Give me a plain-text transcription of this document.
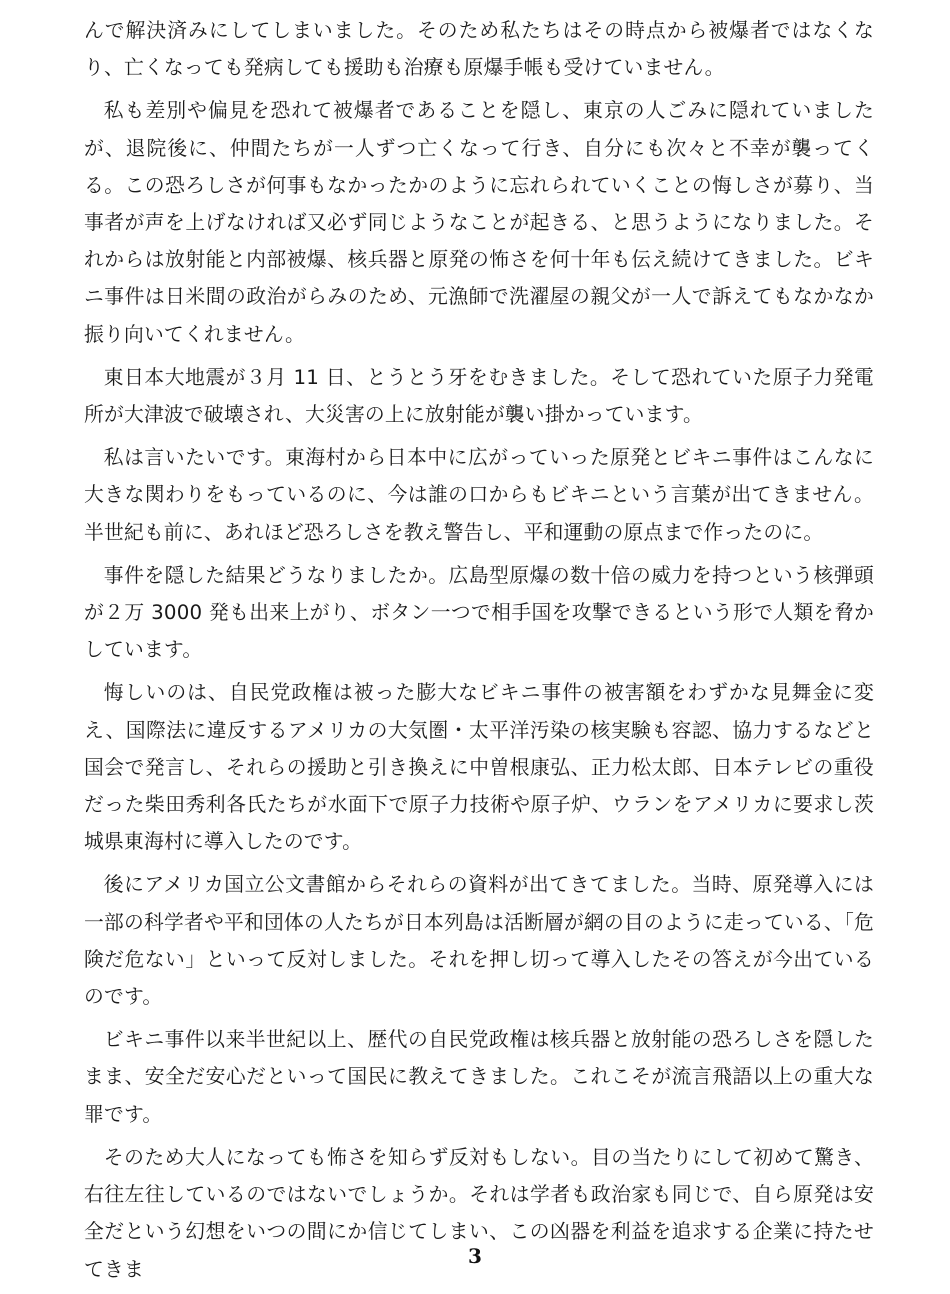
んで解決済みにしてしまいました。そのため私たちはその時点から被爆者ではなくなり、亡くなっても発病しても援助も治療も原爆手帳も受けていません。

私も差別や偏見を恐れて被爆者であることを隠し、東京の人ごみに隠れていましたが、退院後に、仲間たちが一人ずつ亡くなって行き、自分にも次々と不幸が襲ってくる。この恐ろしさが何事もなかったかのように忘れられていくことの悔しさが募り、当事者が声を上げなければ又必ず同じようなことが起きる、と思うようになりました。それからは放射能と内部被爆、核兵器と原発の怖さを何十年も伝え続けてきました。ビキニ事件は日米間の政治がらみのため、元漁師で洗濯屋の親父が一人で訴えてもなかなか振り向いてくれません。

東日本大地震が３月 11 日、とうとう牙をむきました。そして恐れていた原子力発電所が大津波で破壊され、大災害の上に放射能が襲い掛かっています。

私は言いたいです。東海村から日本中に広がっていった原発とビキニ事件はこんなに大きな関わりをもっているのに、今は誰の口からもビキニという言葉が出てきません。半世紀も前に、あれほど恐ろしさを教え警告し、平和運動の原点まで作ったのに。

事件を隠した結果どうなりましたか。広島型原爆の数十倍の威力を持つという核弾頭が２万 3000 発も出来上がり、ボタン一つで相手国を攻撃できるという形で人類を脅かしています。

悔しいのは、自民党政権は被った膨大なビキニ事件の被害額をわずかな見舞金に変え、国際法に違反するアメリカの大気圏・太平洋汚染の核実験も容認、協力するなどと国会で発言し、それらの援助と引き換えに中曽根康弘、正力松太郎、日本テレビの重役だった柴田秀利各氏たちが水面下で原子力技術や原子炉、ウランをアメリカに要求し茨城県東海村に導入したのです。

後にアメリカ国立公文書館からそれらの資料が出てきてました。当時、原発導入には一部の科学者や平和団体の人たちが日本列島は活断層が網の目のように走っている、「危険だ危ない」といって反対しました。それを押し切って導入したその答えが今出ているのです。

ビキニ事件以来半世紀以上、歴代の自民党政権は核兵器と放射能の恐ろしさを隠したまま、安全だ安心だといって国民に教えてきました。これこそが流言飛語以上の重大な罪です。

そのため大人になっても怖さを知らず反対もしない。目の当たりにして初めて驚き、右往左往しているのではないでしょうか。それは学者も政治家も同じで、自ら原発は安全だという幻想をいつの間にか信じてしまい、この凶器を利益を追求する企業に持たせてきま

3
